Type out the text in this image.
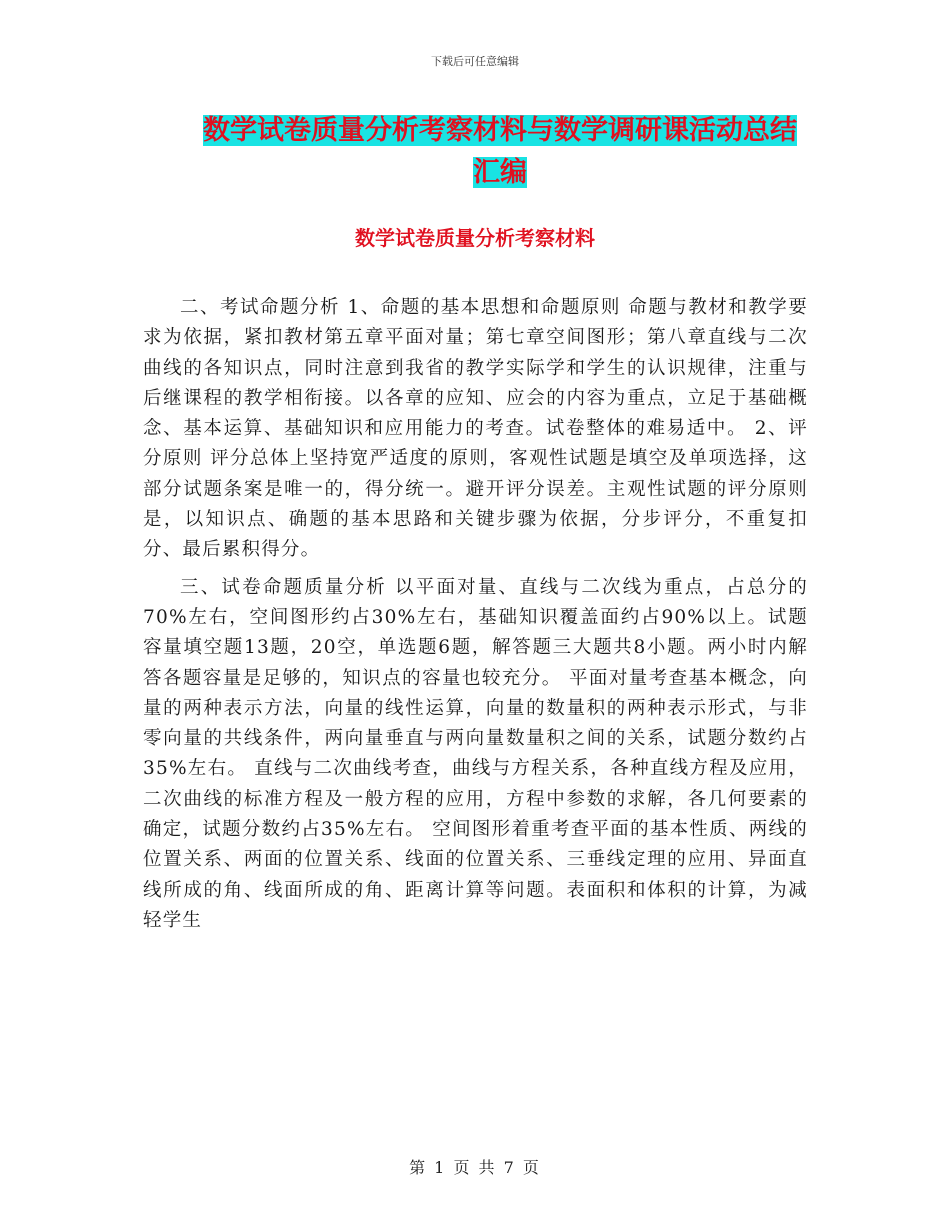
下载后可任意编辑
数学试卷质量分析考察材料与数学调研课活动总结汇编
数学试卷质量分析考察材料

二、考试命题分析 1、命题的基本思想和命题原则 命题与教材和教学要求为依据，紧扣教材第五章平面对量；第七章空间图形；第八章直线与二次曲线的各知识点，同时注意到我省的教学实际学和学生的认识规律，注重与后继课程的教学相衔接。以各章的应知、应会的内容为重点，立足于基础概念、基本运算、基础知识和应用能力的考查。试卷整体的难易适中。 2、评分原则 评分总体上坚持宽严适度的原则，客观性试题是填空及单项选择，这部分试题条案是唯一的，得分统一。避开评分误差。主观性试题的评分原则是，以知识点、确题的基本思路和关键步骤为依据，分步评分，不重复扣分、最后累积得分。

三、试卷命题质量分析 以平面对量、直线与二次线为重点，占总分的70%左右，空间图形约占30%左右，基础知识覆盖面约占90%以上。试题容量填空题13题，20空，单选题6题，解答题三大题共8小题。两小时内解答各题容量是足够的，知识点的容量也较充分。 平面对量考查基本概念，向量的两种表示方法，向量的线性运算，向量的数量积的两种表示形式，与非零向量的共线条件，两向量垂直与两向量数量积之间的关系，试题分数约占35%左右。 直线与二次曲线考查，曲线与方程关系，各种直线方程及应用，二次曲线的标准方程及一般方程的应用，方程中参数的求解，各几何要素的确定，试题分数约占35%左右。 空间图形着重考查平面的基本性质、两线的位置关系、两面的位置关系、线面的位置关系、三垂线定理的应用、异面直线所成的角、线面所成的角、距离计算等问题。表面积和体积的计算，为减轻学生

第 1 页 共 7 页
